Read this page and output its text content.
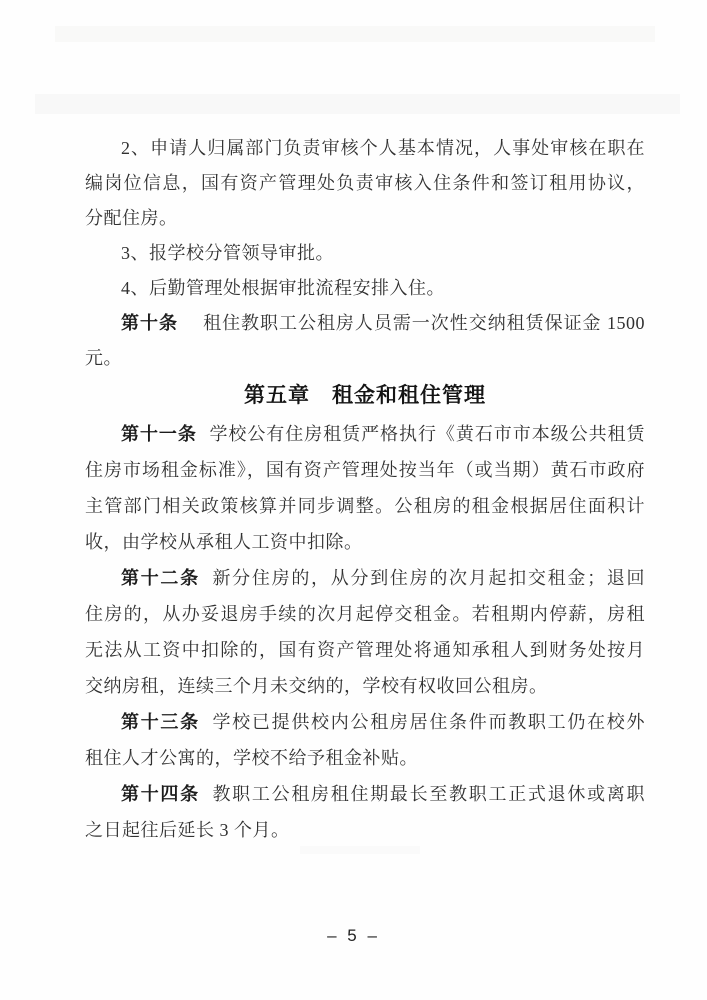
2、申请人归属部门负责审核个人基本情况，人事处审核在职在
编岗位信息，国有资产管理处负责审核入住条件和签订租用协议，
分配住房。
3、报学校分管领导审批。
4、后勤管理处根据审批流程安排入住。
第十条 租住教职工公租房人员需一次性交纳租赁保证金 1500
元。
第五章　租金和租住管理
第十一条 学校公有住房租赁严格执行《黄石市市本级公共租赁
住房市场租金标准》，国有资产管理处按当年（或当期）黄石市政府
主管部门相关政策核算并同步调整。公租房的租金根据居住面积计
收，由学校从承租人工资中扣除。
第十二条 新分住房的，从分到住房的次月起扣交租金；退回
住房的，从办妥退房手续的次月起停交租金。若租期内停薪，房租
无法从工资中扣除的，国有资产管理处将通知承租人到财务处按月
交纳房租，连续三个月未交纳的，学校有权收回公租房。
第十三条 学校已提供校内公租房居住条件而教职工仍在校外
租住人才公寓的，学校不给予租金补贴。
第十四条 教职工公租房租住期最长至教职工正式退休或离职
之日起往后延长 3 个月。
– 5 –
